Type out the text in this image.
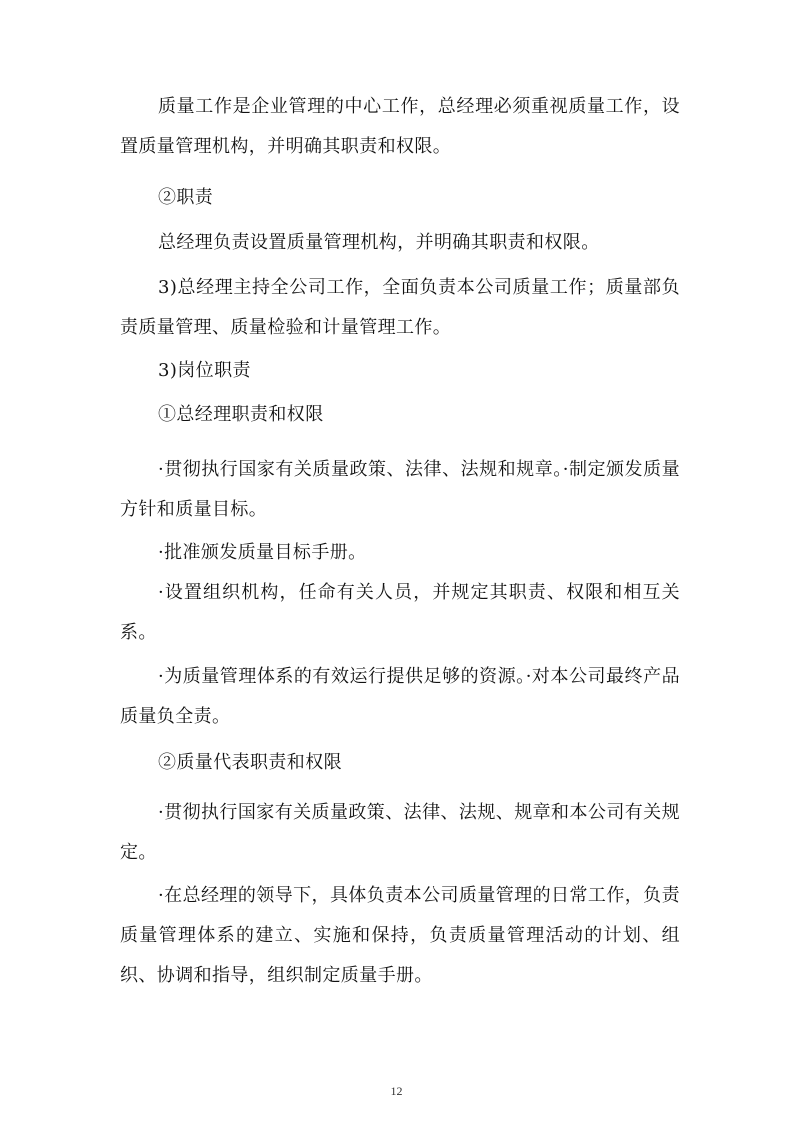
质量工作是企业管理的中心工作，总经理必须重视质量工作，设置质量管理机构，并明确其职责和权限。

②职责

总经理负责设置质量管理机构，并明确其职责和权限。

3)总经理主持全公司工作，全面负责本公司质量工作；质量部负责质量管理、质量检验和计量管理工作。

3)岗位职责

①总经理职责和权限

·贯彻执行国家有关质量政策、法律、法规和规章。·制定颁发质量方针和质量目标。

·批准颁发质量目标手册。

·设置组织机构，任命有关人员，并规定其职责、权限和相互关系。

·为质量管理体系的有效运行提供足够的资源。·对本公司最终产品质量负全责。

②质量代表职责和权限

·贯彻执行国家有关质量政策、法律、法规、规章和本公司有关规定。

·在总经理的领导下，具体负责本公司质量管理的日常工作，负责质量管理体系的建立、实施和保持，负责质量管理活动的计划、组织、协调和指导，组织制定质量手册。

12
